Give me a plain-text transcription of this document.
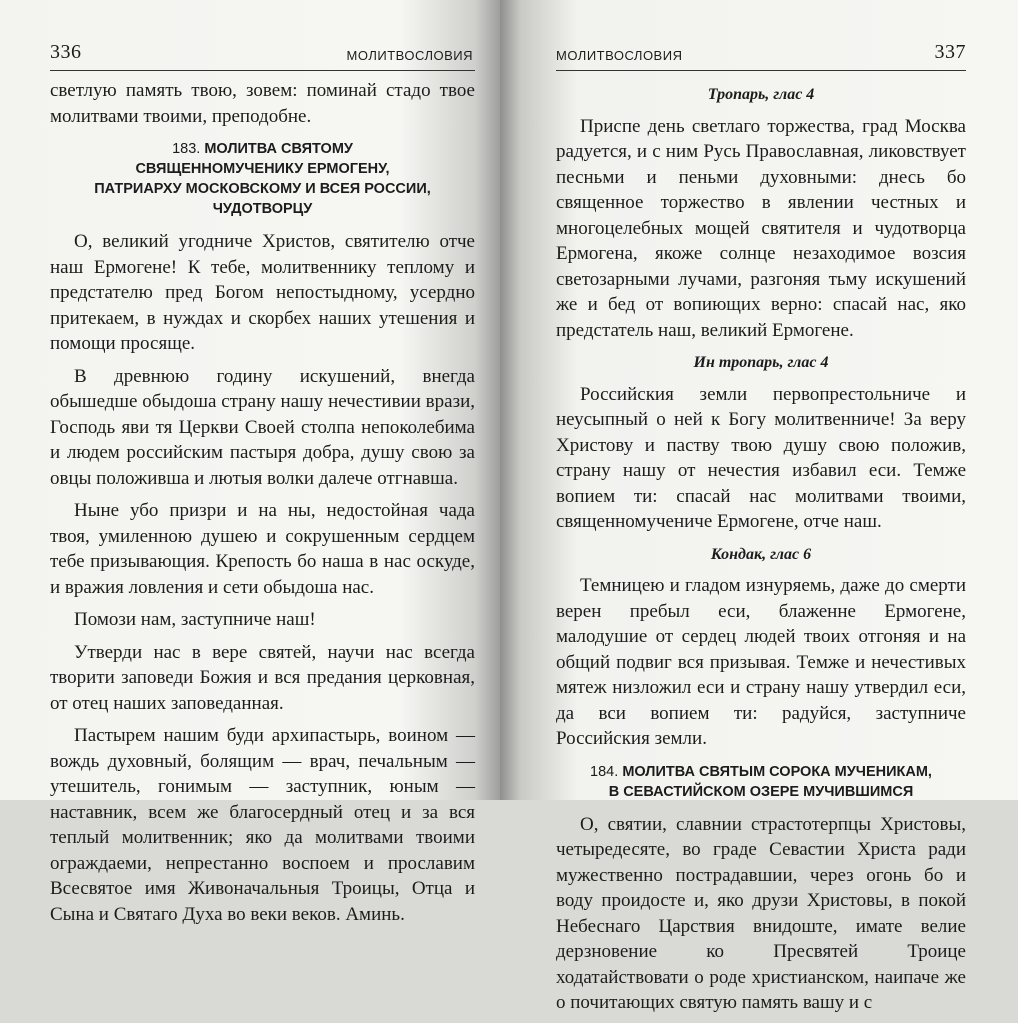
336	МОЛИТВОСЛОВИЯ

светлую память твою, зовем: поминай стадо твое молитвами твоими, преподобне.

183. МОЛИТВА СВЯТОМУ
СВЯЩЕННОМУЧЕНИКУ ЕРМОГЕНУ,
ПАТРИАРХУ МОСКОВСКОМУ И ВСЕЯ РОССИИ,
ЧУДОТВОРЦУ

О, великий угодниче Христов, святителю отче наш Ермогене! К тебе, молитвеннику теплому и предстателю пред Богом непостыдному, усердно притекаем, в нуждах и скорбех наших утешения и помощи просяще.

В древнюю годину искушений, внегда обышедше обыдоша страну нашу нечестивии врази, Господь яви тя Церкви Своей столпа непоколебима и людем российским пастыря добра, душу свою за овцы положивша и лютыя волки далече отгнавша.

Ныне убо призри и на ны, недостойная чада твоя, умиленною душею и сокрушенным сердцем тебе призывающия. Крепость бо наша в нас оскуде, и вражия ловления и сети обыдоша нас.

Помози нам, заступниче наш!

Утверди нас в вере святей, научи нас всегда творити заповеди Божия и вся предания церковная, от отец наших заповеданная.

Пастырем нашим буди архипастырь, воином — вождь духовный, болящим — врач, печальным — утешитель, гонимым — заступник, юным — наставник, всем же благосердный отец и за вся теплый молитвенник; яко да молитвами твоими ограждаеми, непрестанно воспоем и прославим Всесвятое имя Живоначальныя Троицы, Отца и Сына и Святаго Духа во веки веков. Аминь.

МОЛИТВОСЛОВИЯ	337
Тропарь, глас 4

Приспе день светлаго торжества, град Москва радуется, и с ним Русь Православная, ликовствует песньми и пеньми духовными: днесь бо священное торжество в явлении честных и многоцелебных мощей святителя и чудотворца Ермогена, якоже солнце незаходимое возсия светозарными лучами, разгоняя тьму искушений же и бед от вопиющих верно: спасай нас, яко предстатель наш, великий Ермогене.

Ин тропарь, глас 4

Российския земли первопрестольниче и неусыпный о ней к Богу молитвенниче! За веру Христову и паству твою душу свою положив, страну нашу от нечестия избавил еси. Темже вопием ти: спасай нас молитвами твоими, священномучениче Ермогене, отче наш.

Кондак, глас 6

Темницею и гладом изнуряемь, даже до смерти верен пребыл еси, блаженне Ермогене, малодушие от сердец людей твоих отгоняя и на общий подвиг вся призывая. Темже и нечестивых мятеж низложил еси и страну нашу утвердил еси, да вси вопием ти: радуйся, заступниче Российския земли.

184. МОЛИТВА СВЯТЫМ СОРОКА МУЧЕНИКАМ,
В СЕВАСТИЙСКОМ ОЗЕРЕ МУЧИВШИМСЯ

О, святии, славнии страстотерпцы Христовы, четыредесяте, во граде Севастии Христа ради мужественно пострадавшии, через огонь бо и воду проидосте и, яко друзи Христовы, в покой Небеснаго Царствия внидоште, имате велие дерзновение ко Пресвятей Троице ходатайствовати о роде христианском, наипаче же о почитающих святую память вашу и с
